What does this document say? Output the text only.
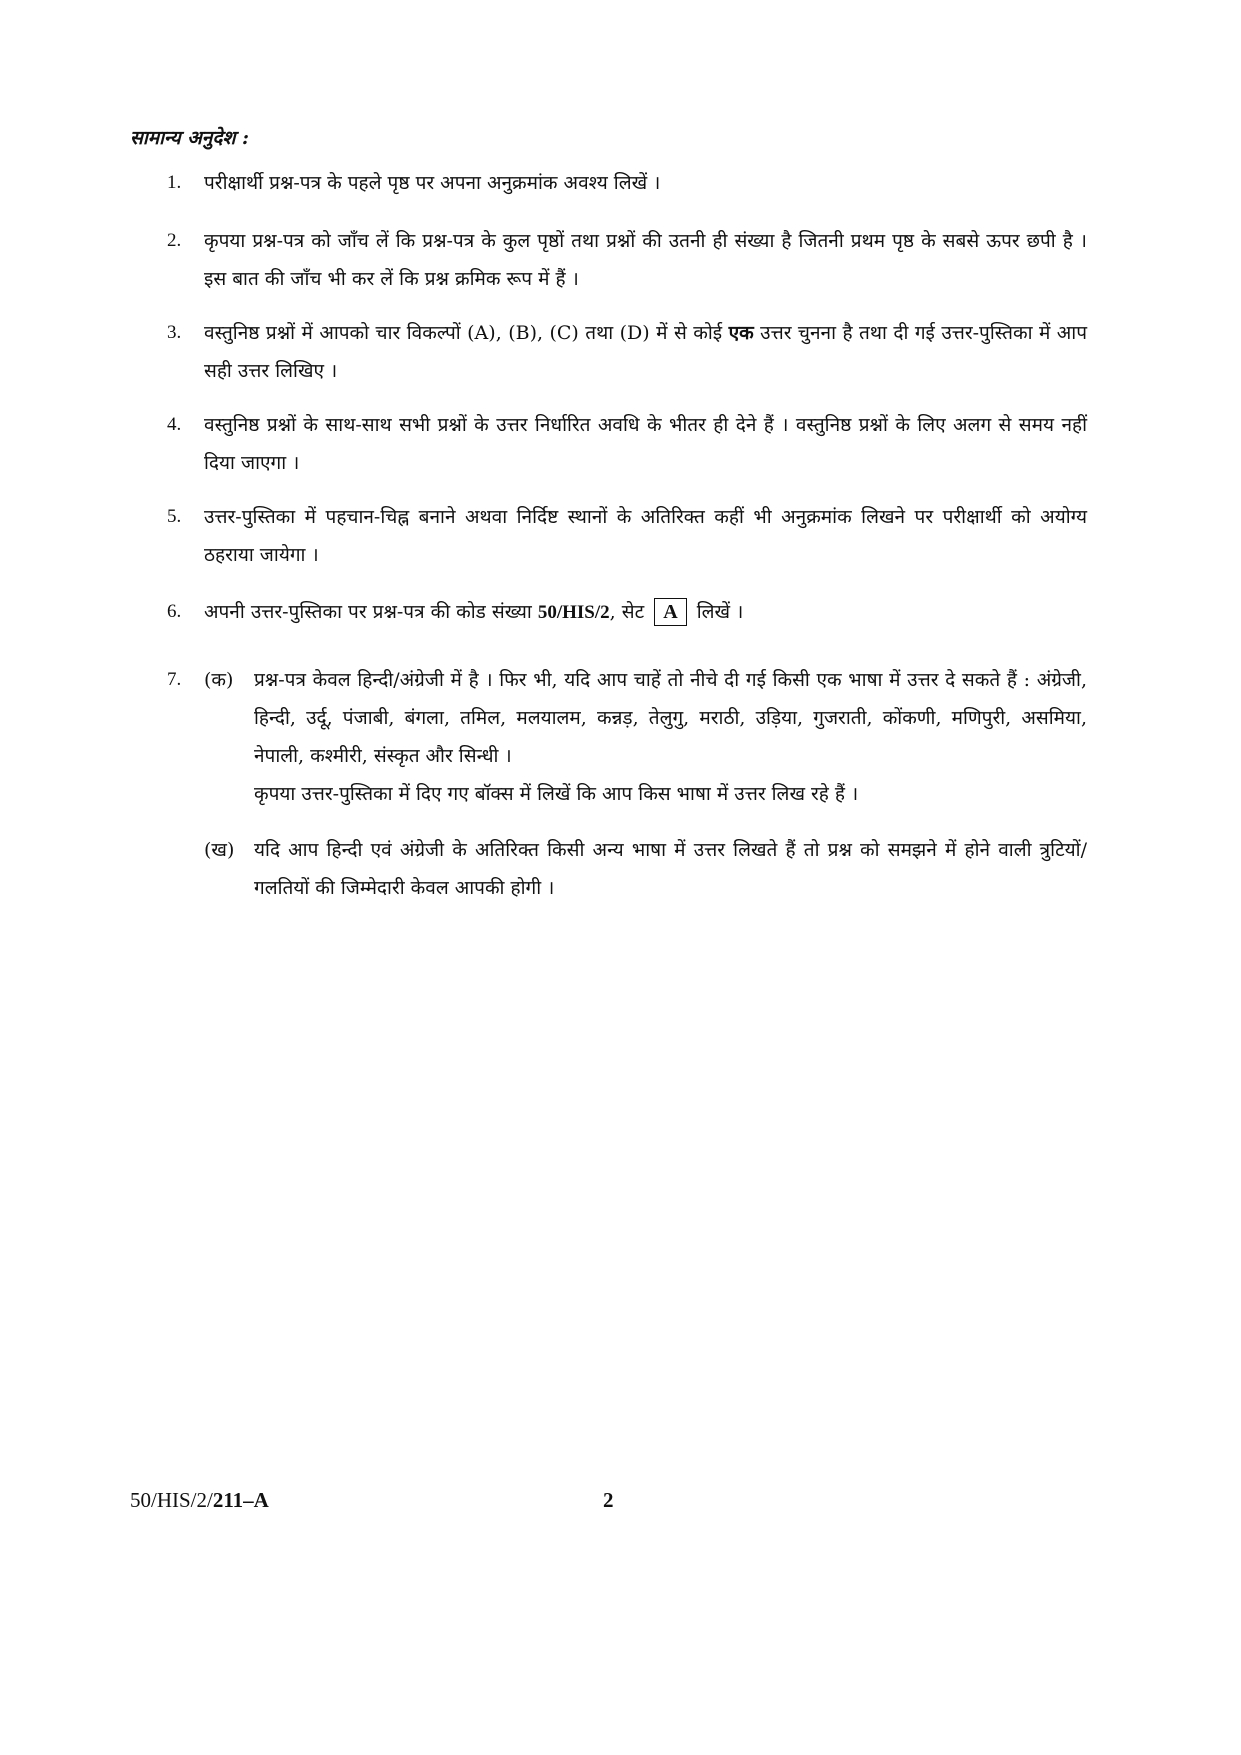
सामान्य अनुदेश :
1.	परीक्षार्थी प्रश्न-पत्र के पहले पृष्ठ पर अपना अनुक्रमांक अवश्य लिखें ।
2.	कृपया प्रश्न-पत्र को जाँच लें कि प्रश्न-पत्र के कुल पृष्ठों तथा प्रश्नों की उतनी ही संख्या है जितनी प्रथम पृष्ठ के सबसे ऊपर छपी है । इस बात की जाँच भी कर लें कि प्रश्न क्रमिक रूप में हैं ।
3.	वस्तुनिष्ठ प्रश्नों में आपको चार विकल्पों (A), (B), (C) तथा (D) में से कोई एक उत्तर चुनना है तथा दी गई उत्तर-पुस्तिका में आप सही उत्तर लिखिए ।
4.	वस्तुनिष्ठ प्रश्नों के साथ-साथ सभी प्रश्नों के उत्तर निर्धारित अवधि के भीतर ही देने हैं । वस्तुनिष्ठ प्रश्नों के लिए अलग से समय नहीं दिया जाएगा ।
5.	उत्तर-पुस्तिका में पहचान-चिह्न बनाने अथवा निर्दिष्ट स्थानों के अतिरिक्त कहीं भी अनुक्रमांक लिखने पर परीक्षार्थी को अयोग्य ठहराया जायेगा ।
6.	अपनी उत्तर-पुस्तिका पर प्रश्न-पत्र की कोड संख्या 50/HIS/2, सेट A लिखें ।
7.	(क)	प्रश्न-पत्र केवल हिन्दी/अंग्रेजी में है । फिर भी, यदि आप चाहें तो नीचे दी गई किसी एक भाषा में उत्तर दे सकते हैं : अंग्रेजी, हिन्दी, उर्दू, पंजाबी, बंगला, तमिल, मलयालम, कन्नड़, तेलुगु, मराठी, उड़िया, गुजराती, कोंकणी, मणिपुरी, असमिया, नेपाली, कश्मीरी, संस्कृत और सिन्धी ।
कृपया उत्तर-पुस्तिका में दिए गए बॉक्स में लिखें कि आप किस भाषा में उत्तर लिख रहे हैं ।
(ख)	यदि आप हिन्दी एवं अंग्रेजी के अतिरिक्त किसी अन्य भाषा में उत्तर लिखते हैं तो प्रश्न को समझने में होने वाली त्रुटियों/गलतियों की जिम्मेदारी केवल आपकी होगी ।
50/HIS/2/211–A	2
